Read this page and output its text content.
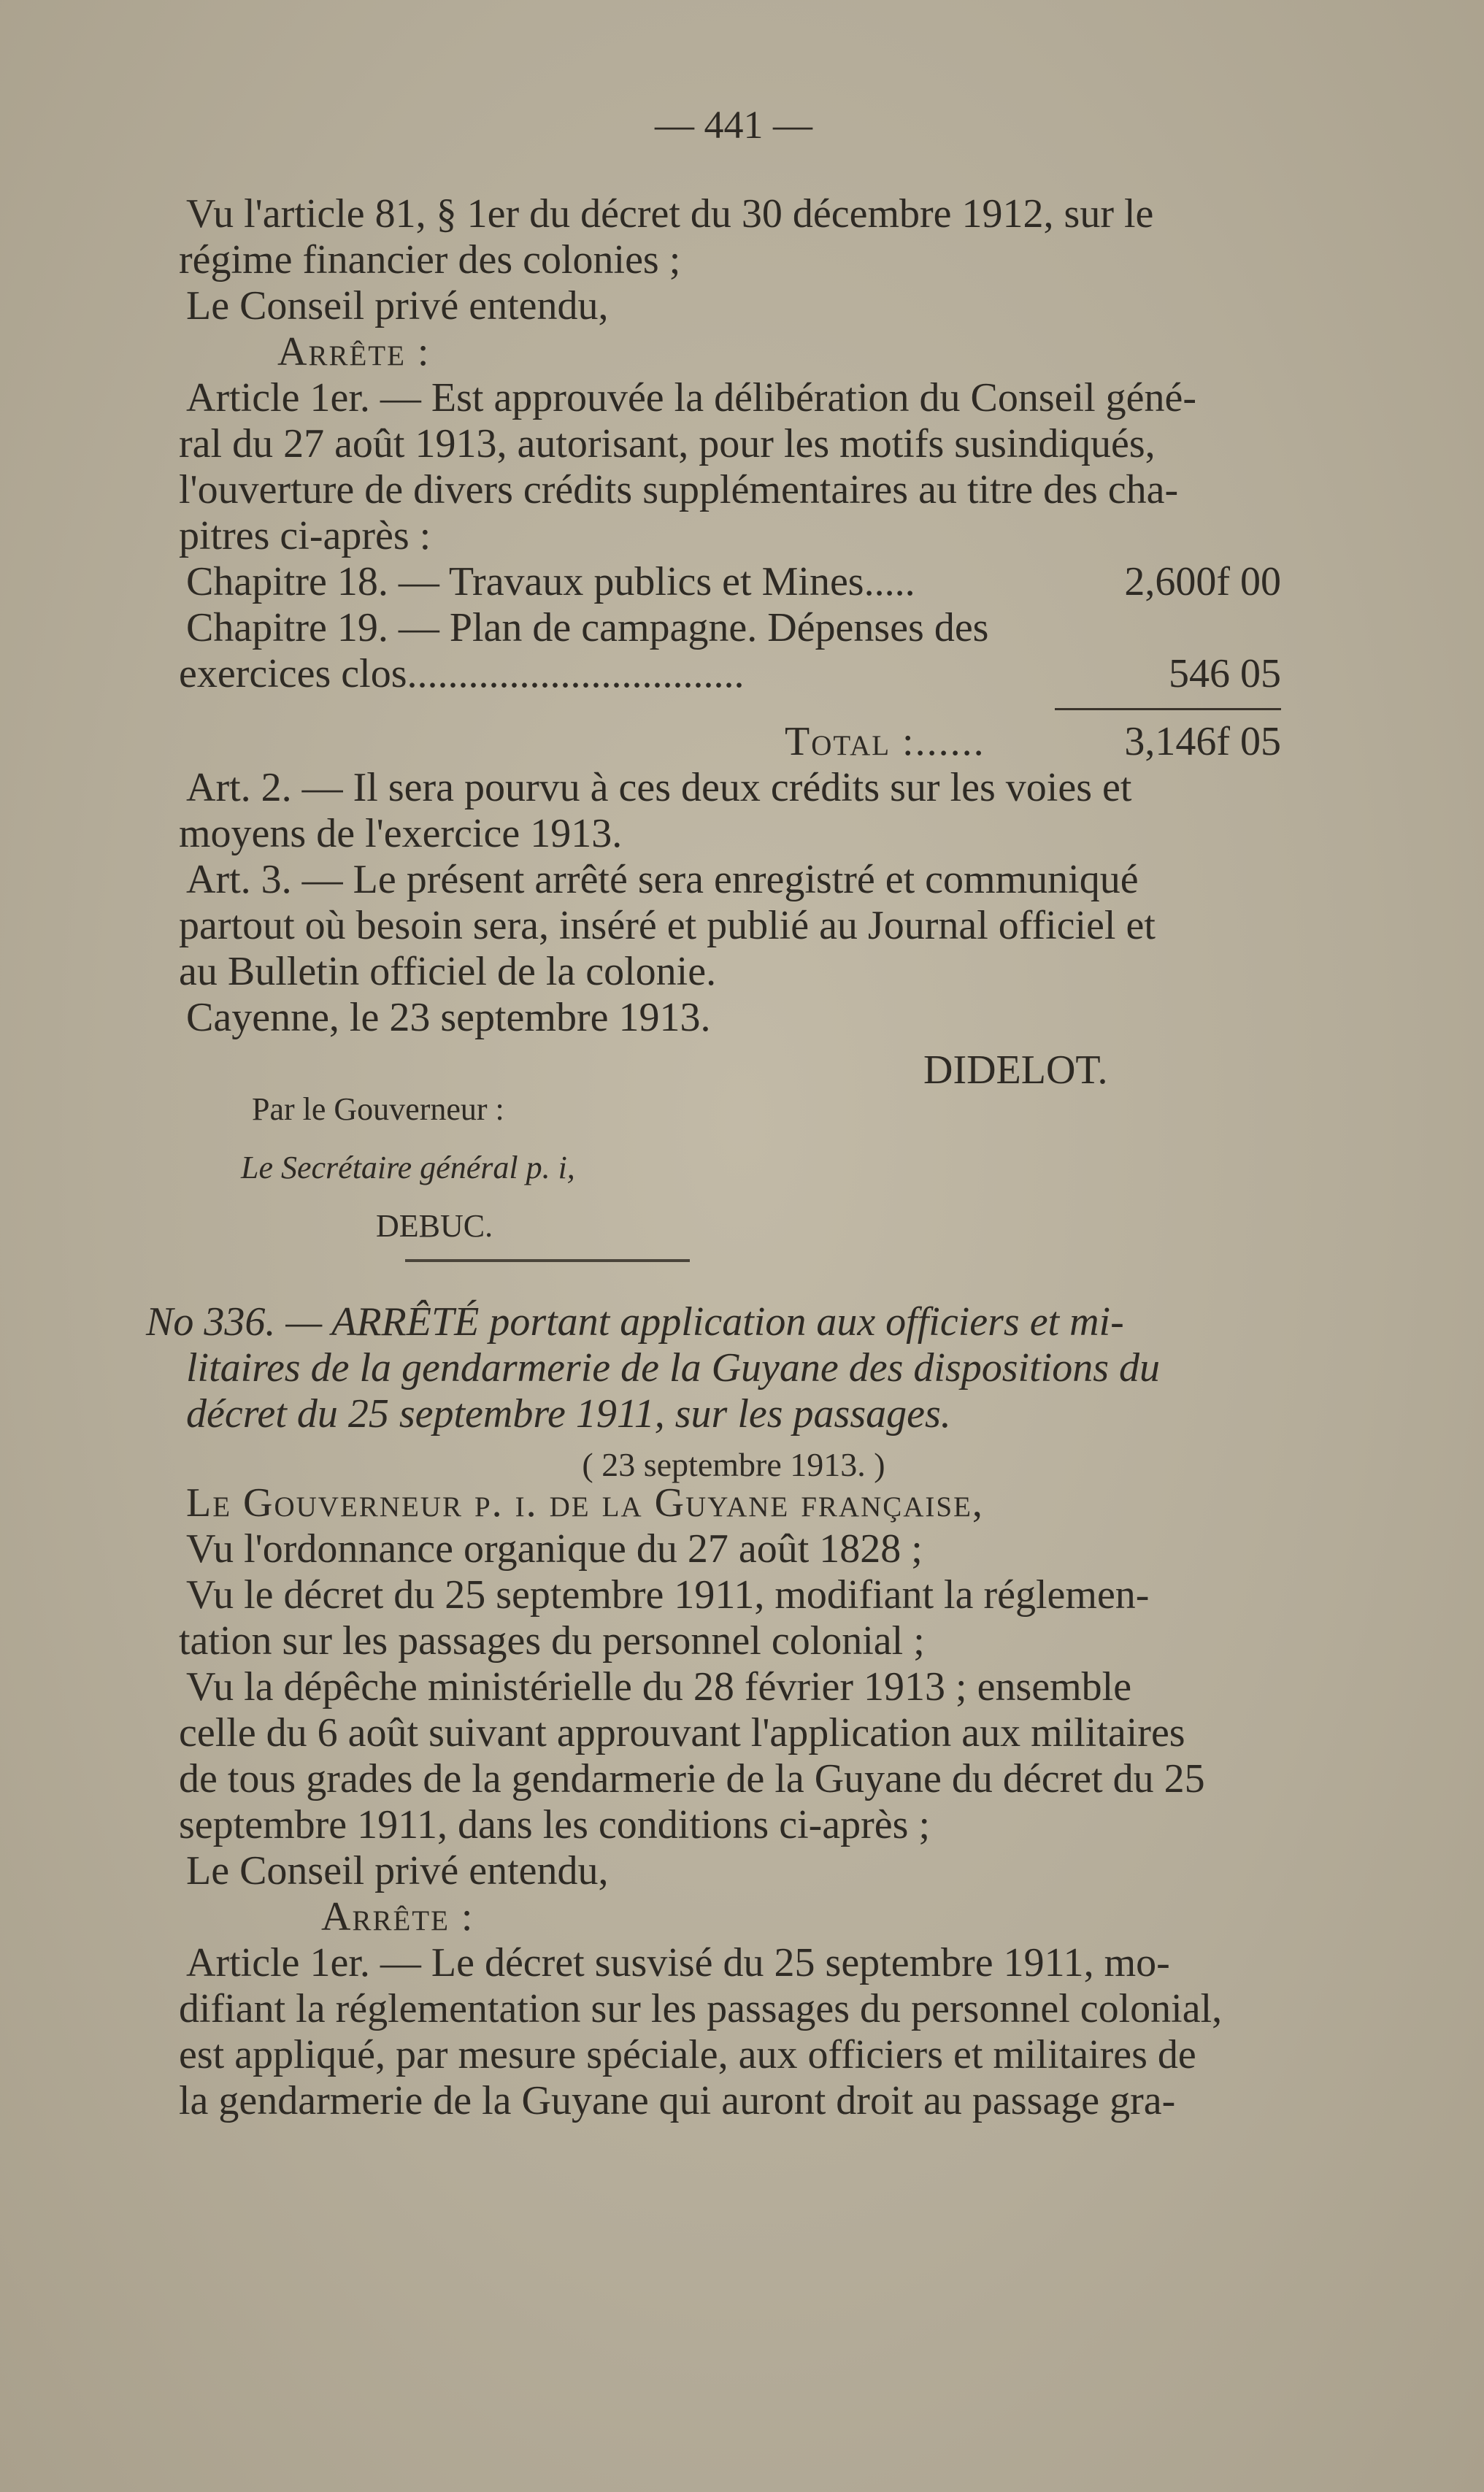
— 441 —
Vu l'article 81, § 1er du décret du 30 décembre 1912, sur le
régime financier des colonies ;
Le Conseil privé entendu,
Arrête :
Article 1er. — Est approuvée la délibération du Conseil géné-
ral du 27 août 1913, autorisant, pour les motifs susindiqués,
l'ouverture de divers crédits supplémentaires au titre des cha-
pitres ci-après :
Chapitre 18. — Travaux publics et Mines.....	2,600f 00
Chapitre 19. — Plan de campagne. Dépenses des
exercices clos.................................	546 05
Total :......	3,146f 05
Art. 2. — Il sera pourvu à ces deux crédits sur les voies et
moyens de l'exercice 1913.
Art. 3. — Le présent arrêté sera enregistré et communiqué
partout où besoin sera, inséré et publié au Journal officiel et
au Bulletin officiel de la colonie.
Cayenne, le 23 septembre 1913.
DIDELOT.
Par le Gouverneur :
Le Secrétaire général p. i,
DEBUC.
No 336. — ARRÊTÉ portant application aux officiers et mi-
litaires de la gendarmerie de la Guyane des dispositions du
décret du 25 septembre 1911, sur les passages.
( 23 septembre 1913. )
Le Gouverneur p. i. de la Guyane française,
Vu l'ordonnance organique du 27 août 1828 ;
Vu le décret du 25 septembre 1911, modifiant la réglemen-
tation sur les passages du personnel colonial ;
Vu la dépêche ministérielle du 28 février 1913 ; ensemble
celle du 6 août suivant approuvant l'application aux militaires
de tous grades de la gendarmerie de la Guyane du décret du 25
septembre 1911, dans les conditions ci-après ;
Le Conseil privé entendu,
Arrête :
Article 1er. — Le décret susvisé du 25 septembre 1911, mo-
difiant la réglementation sur les passages du personnel colonial,
est appliqué, par mesure spéciale, aux officiers et militaires de
la gendarmerie de la Guyane qui auront droit au passage gra-
